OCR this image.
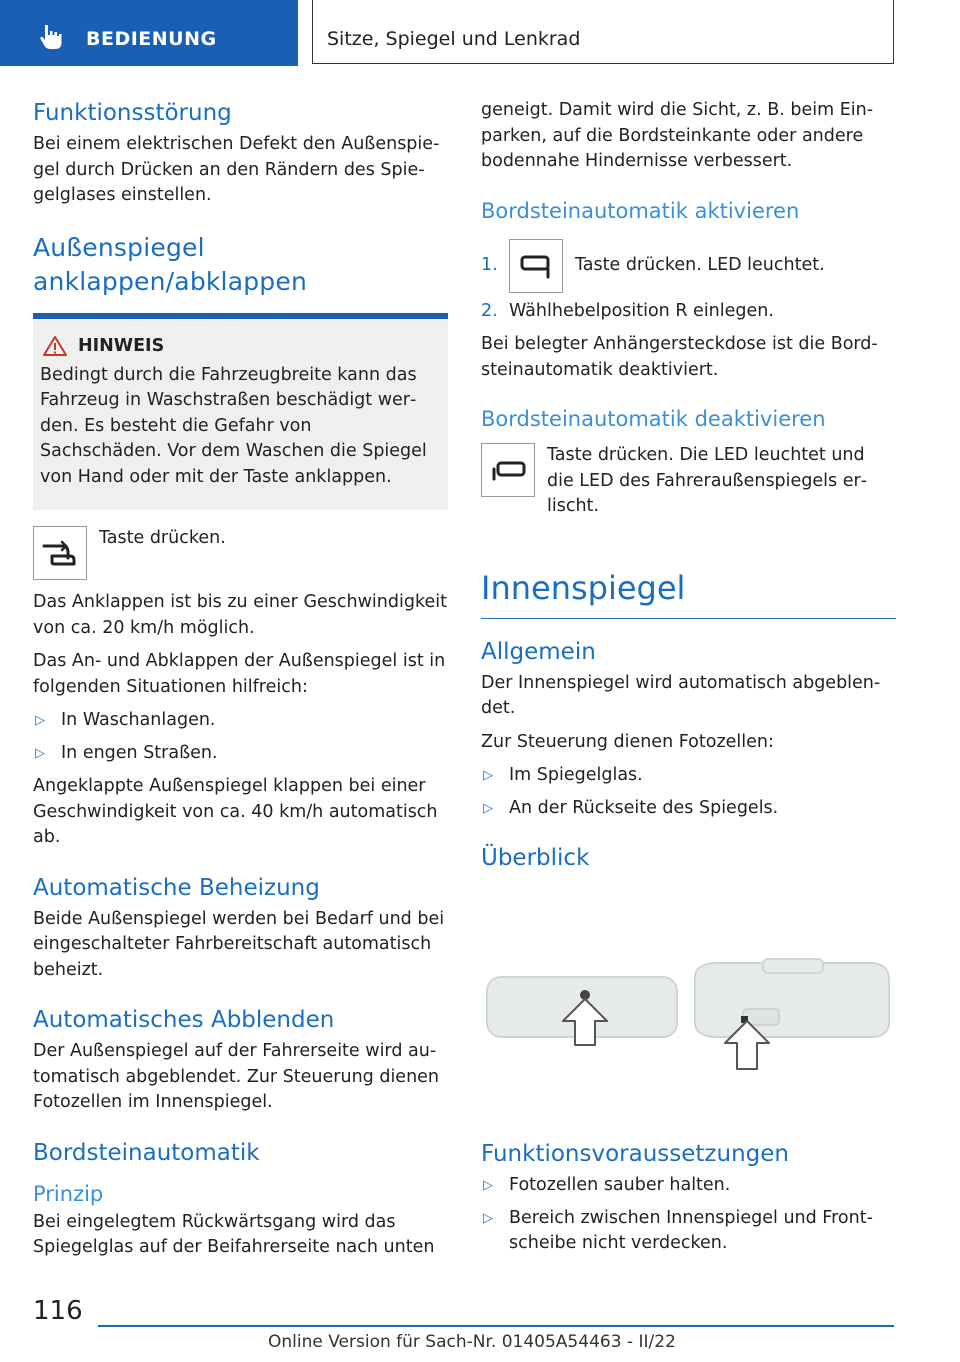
BEDIENUNG	Sitze, Spiegel und Lenkrad
Funktionsstörung

Bei einem elektrischen Defekt den Außenspiegel durch Drücken an den Rändern des Spiegelglases einstellen.

Außenspiegel anklappen/abklappen
HINWEIS

Bedingt durch die Fahrzeugbreite kann das Fahrzeug in Waschstraßen beschädigt werden. Es besteht die Gefahr von Sachschäden. Vor dem Waschen die Spiegel von Hand oder mit der Taste anklappen.

Taste drücken.

Das Anklappen ist bis zu einer Geschwindigkeit von ca. 20 km/h möglich.

Das An- und Abklappen der Außenspiegel ist in folgenden Situationen hilfreich:

▷ In Waschanlagen.
▷ In engen Straßen.

Angeklappte Außenspiegel klappen bei einer Geschwindigkeit von ca. 40 km/h automatisch ab.

Automatische Beheizung

Beide Außenspiegel werden bei Bedarf und bei eingeschalteter Fahrbereitschaft automatisch beheizt.

Automatisches Abblenden

Der Außenspiegel auf der Fahrerseite wird automatisch abgeblendet. Zur Steuerung dienen Fotozellen im Innenspiegel.

Bordsteinautomatik
Prinzip

Bei eingelegtem Rückwärtsgang wird das Spiegelglas auf der Beifahrerseite nach unten

geneigt. Damit wird die Sicht, z. B. beim Einparken, auf die Bordsteinkante oder andere bodennahe Hindernisse verbessert.

Bordsteinautomatik aktivieren
1.	Taste drücken. LED leuchtet.
2. Wählhebelposition R einlegen.

Bei belegter Anhängersteckdose ist die Bordsteinautomatik deaktiviert.

Bordsteinautomatik deaktivieren

Taste drücken. Die LED leuchtet und die LED des Fahreraußenspiegels erlischt.

Innenspiegel
Allgemein

Der Innenspiegel wird automatisch abgeblendet.

Zur Steuerung dienen Fotozellen:

▷ Im Spiegelglas.
▷ An der Rückseite des Spiegels.
Überblick
Funktionsvoraussetzungen
▷ Fotozellen sauber halten.
▷ Bereich zwischen Innenspiegel und Frontscheibe nicht verdecken.
116
Online Version für Sach-Nr. 01405A54463 - II/22
